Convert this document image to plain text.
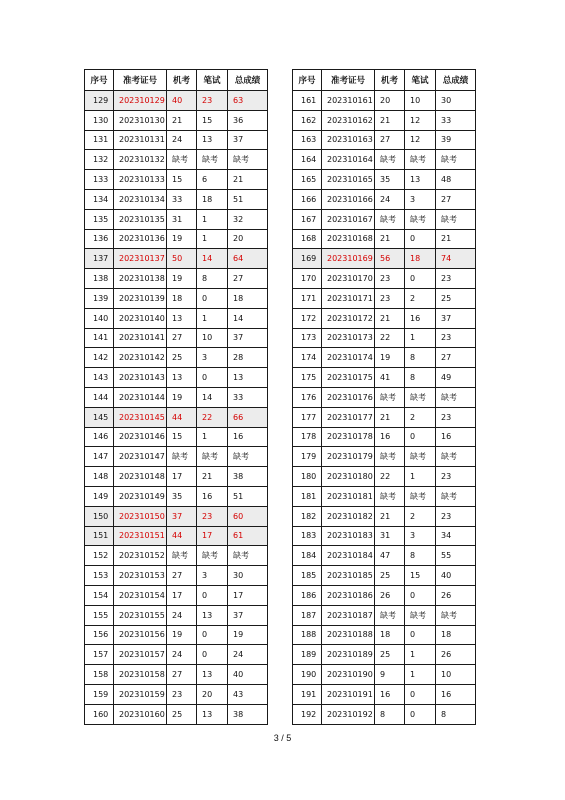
序号	准考证号	机考	笔试	总成绩
129	202310129	40	23	63
130	202310130	21	15	36
131	202310131	24	13	37
132	202310132	缺考	缺考	缺考
133	202310133	15	6	21
134	202310134	33	18	51
135	202310135	31	1	32
136	202310136	19	1	20
137	202310137	50	14	64
138	202310138	19	8	27
139	202310139	18	0	18
140	202310140	13	1	14
141	202310141	27	10	37
142	202310142	25	3	28
143	202310143	13	0	13
144	202310144	19	14	33
145	202310145	44	22	66
146	202310146	15	1	16
147	202310147	缺考	缺考	缺考
148	202310148	17	21	38
149	202310149	35	16	51
150	202310150	37	23	60
151	202310151	44	17	61
152	202310152	缺考	缺考	缺考
153	202310153	27	3	30
154	202310154	17	0	17
155	202310155	24	13	37
156	202310156	19	0	19
157	202310157	24	0	24
158	202310158	27	13	40
159	202310159	23	20	43
160	202310160	25	13	38
序号	准考证号	机考	笔试	总成绩
161	202310161	20	10	30
162	202310162	21	12	33
163	202310163	27	12	39
164	202310164	缺考	缺考	缺考
165	202310165	35	13	48
166	202310166	24	3	27
167	202310167	缺考	缺考	缺考
168	202310168	21	0	21
169	202310169	56	18	74
170	202310170	23	0	23
171	202310171	23	2	25
172	202310172	21	16	37
173	202310173	22	1	23
174	202310174	19	8	27
175	202310175	41	8	49
176	202310176	缺考	缺考	缺考
177	202310177	21	2	23
178	202310178	16	0	16
179	202310179	缺考	缺考	缺考
180	202310180	22	1	23
181	202310181	缺考	缺考	缺考
182	202310182	21	2	23
183	202310183	31	3	34
184	202310184	47	8	55
185	202310185	25	15	40
186	202310186	26	0	26
187	202310187	缺考	缺考	缺考
188	202310188	18	0	18
189	202310189	25	1	26
190	202310190	9	1	10
191	202310191	16	0	16
192	202310192	8	0	8
3 / 5
